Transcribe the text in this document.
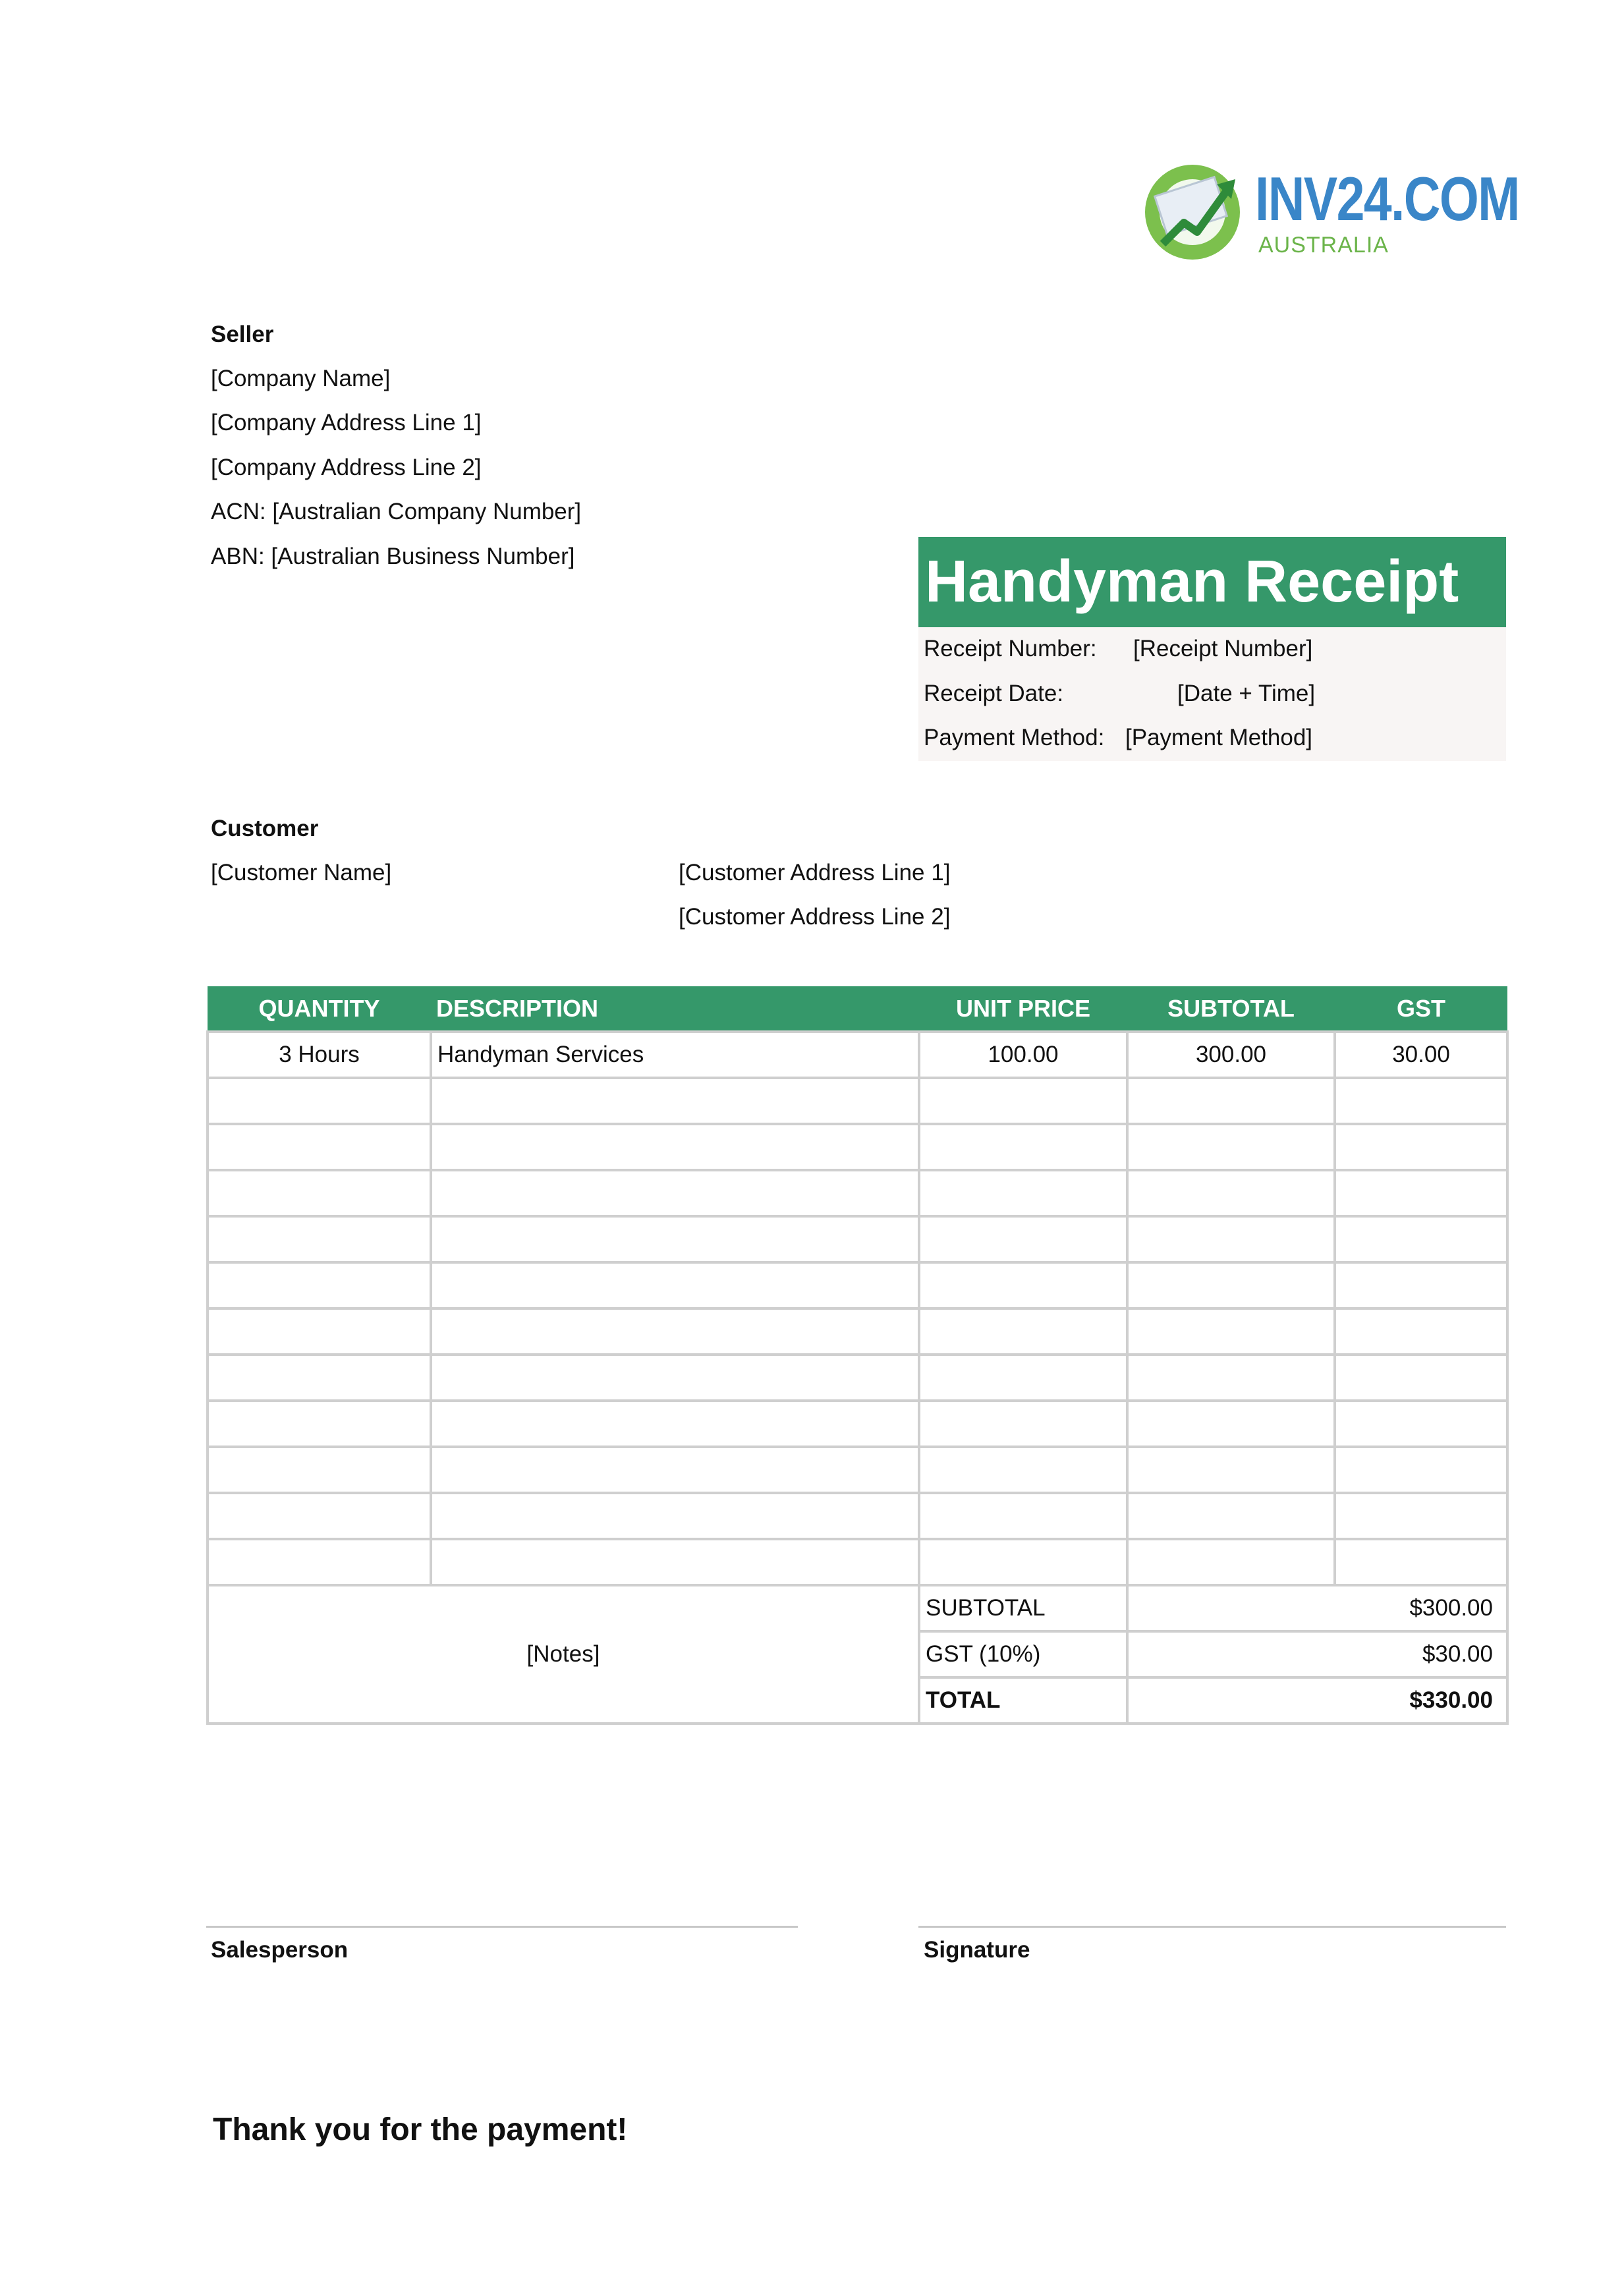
INV24.COM
AUSTRALIA
Seller
[Company Name]
[Company Address Line 1]
[Company Address Line 2]
ACN: [Australian Company Number]
ABN: [Australian Business Number]	Handyman Receipt
Receipt Number: [Receipt Number]
Receipt Date:	[Date + Time]
Payment Method: [Payment Method]
Customer
[Customer Name]	[Customer Address Line 1]
[Customer Address Line 2]
QUANTITY	DESCRIPTION	UNIT PRICE	SUBTOTAL	GST
3 Hours	Handyman Services	100.00	300.00	30.00

[Notes]		SUBTOTAL	$300.00	
		GST (10%)	$30.00	
		TOTAL	$330.00	
Salesperson	Signature
Thank you for the payment!
